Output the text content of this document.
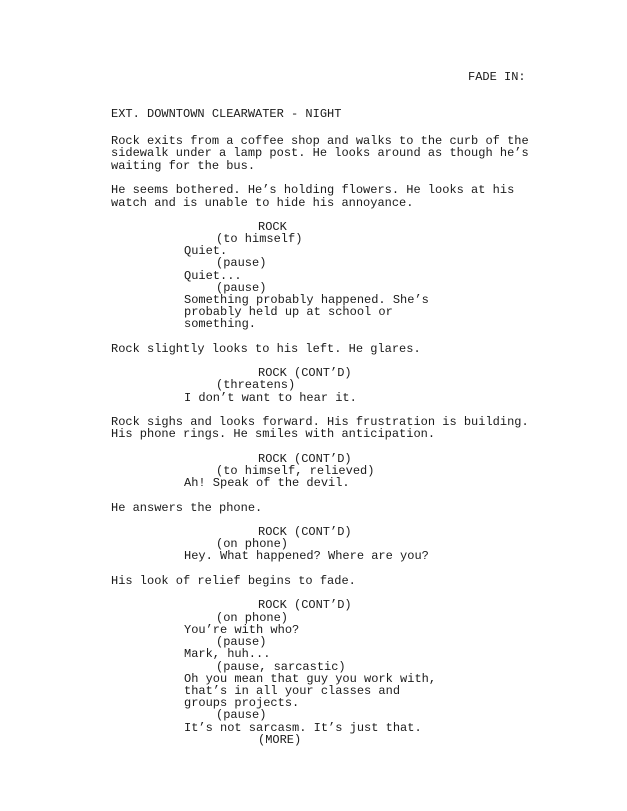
FADE IN:
EXT. DOWNTOWN CLEARWATER - NIGHT
Rock exits from a coffee shop and walks to the curb of the
sidewalk under a lamp post. He looks around as though he’s
waiting for the bus.
He seems bothered. He’s holding flowers. He looks at his
watch and is unable to hide his annoyance.
ROCK
(to himself)
Quiet.
(pause)
Quiet...
(pause)
Something probably happened. She’s
probably held up at school or
something.
Rock slightly looks to his left. He glares.
ROCK (CONT’D)
(threatens)
I don’t want to hear it.
Rock sighs and looks forward. His frustration is building.
His phone rings. He smiles with anticipation.
ROCK (CONT’D)
(to himself, relieved)
Ah! Speak of the devil.
He answers the phone.
ROCK (CONT’D)
(on phone)
Hey. What happened? Where are you?
His look of relief begins to fade.
ROCK (CONT’D)
(on phone)
You’re with who?
(pause)
Mark, huh...
(pause, sarcastic)
Oh you mean that guy you work with,
that’s in all your classes and
groups projects.
(pause)
It’s not sarcasm. It’s just that.
(MORE)
